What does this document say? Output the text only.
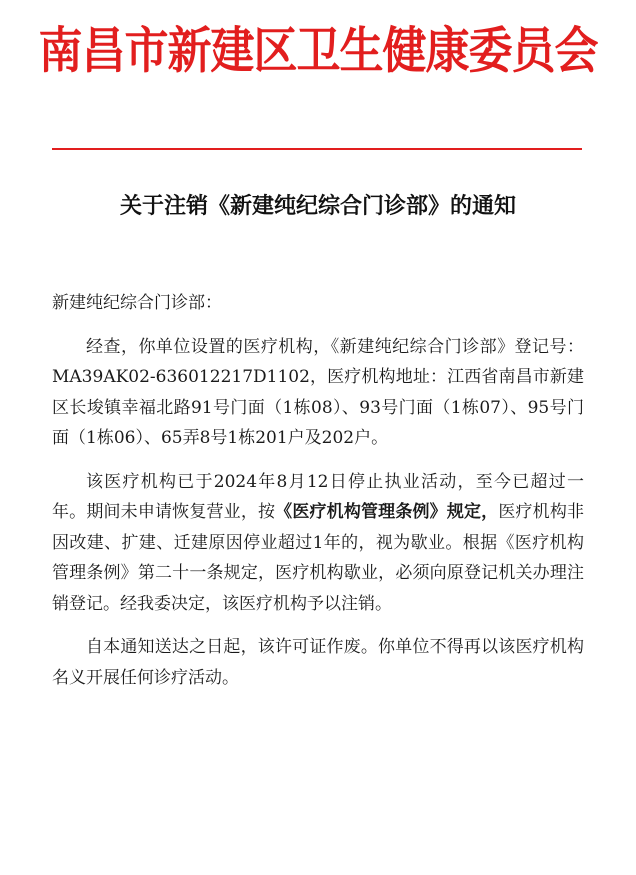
南昌市新建区卫生健康委员会
关于注销《新建纯纪综合门诊部》的通知

新建纯纪综合门诊部：

经查，你单位设置的医疗机构，《新建纯纪综合门诊部》登记号：MA39AK02-636012217D1102，医疗机构地址：江西省南昌市新建区长埈镇幸福北路91号门面（1栋08）、93号门面（1栋07）、95号门面（1栋06）、65弄8号1栋201户及202户。

该医疗机构已于2024年8月12日停止执业活动，至今已超过一年。期间未申请恢复营业，按《医疗机构管理条例》规定，医疗机构非因改建、扩建、迁建原因停业超过1年的，视为歇业。根据《医疗机构管理条例》第二十一条规定，医疗机构歇业，必须向原登记机关办理注销登记。经我委决定，该医疗机构予以注销。

自本通知送达之日起，该许可证作废。你单位不得再以该医疗机构名义开展任何诊疗活动。
